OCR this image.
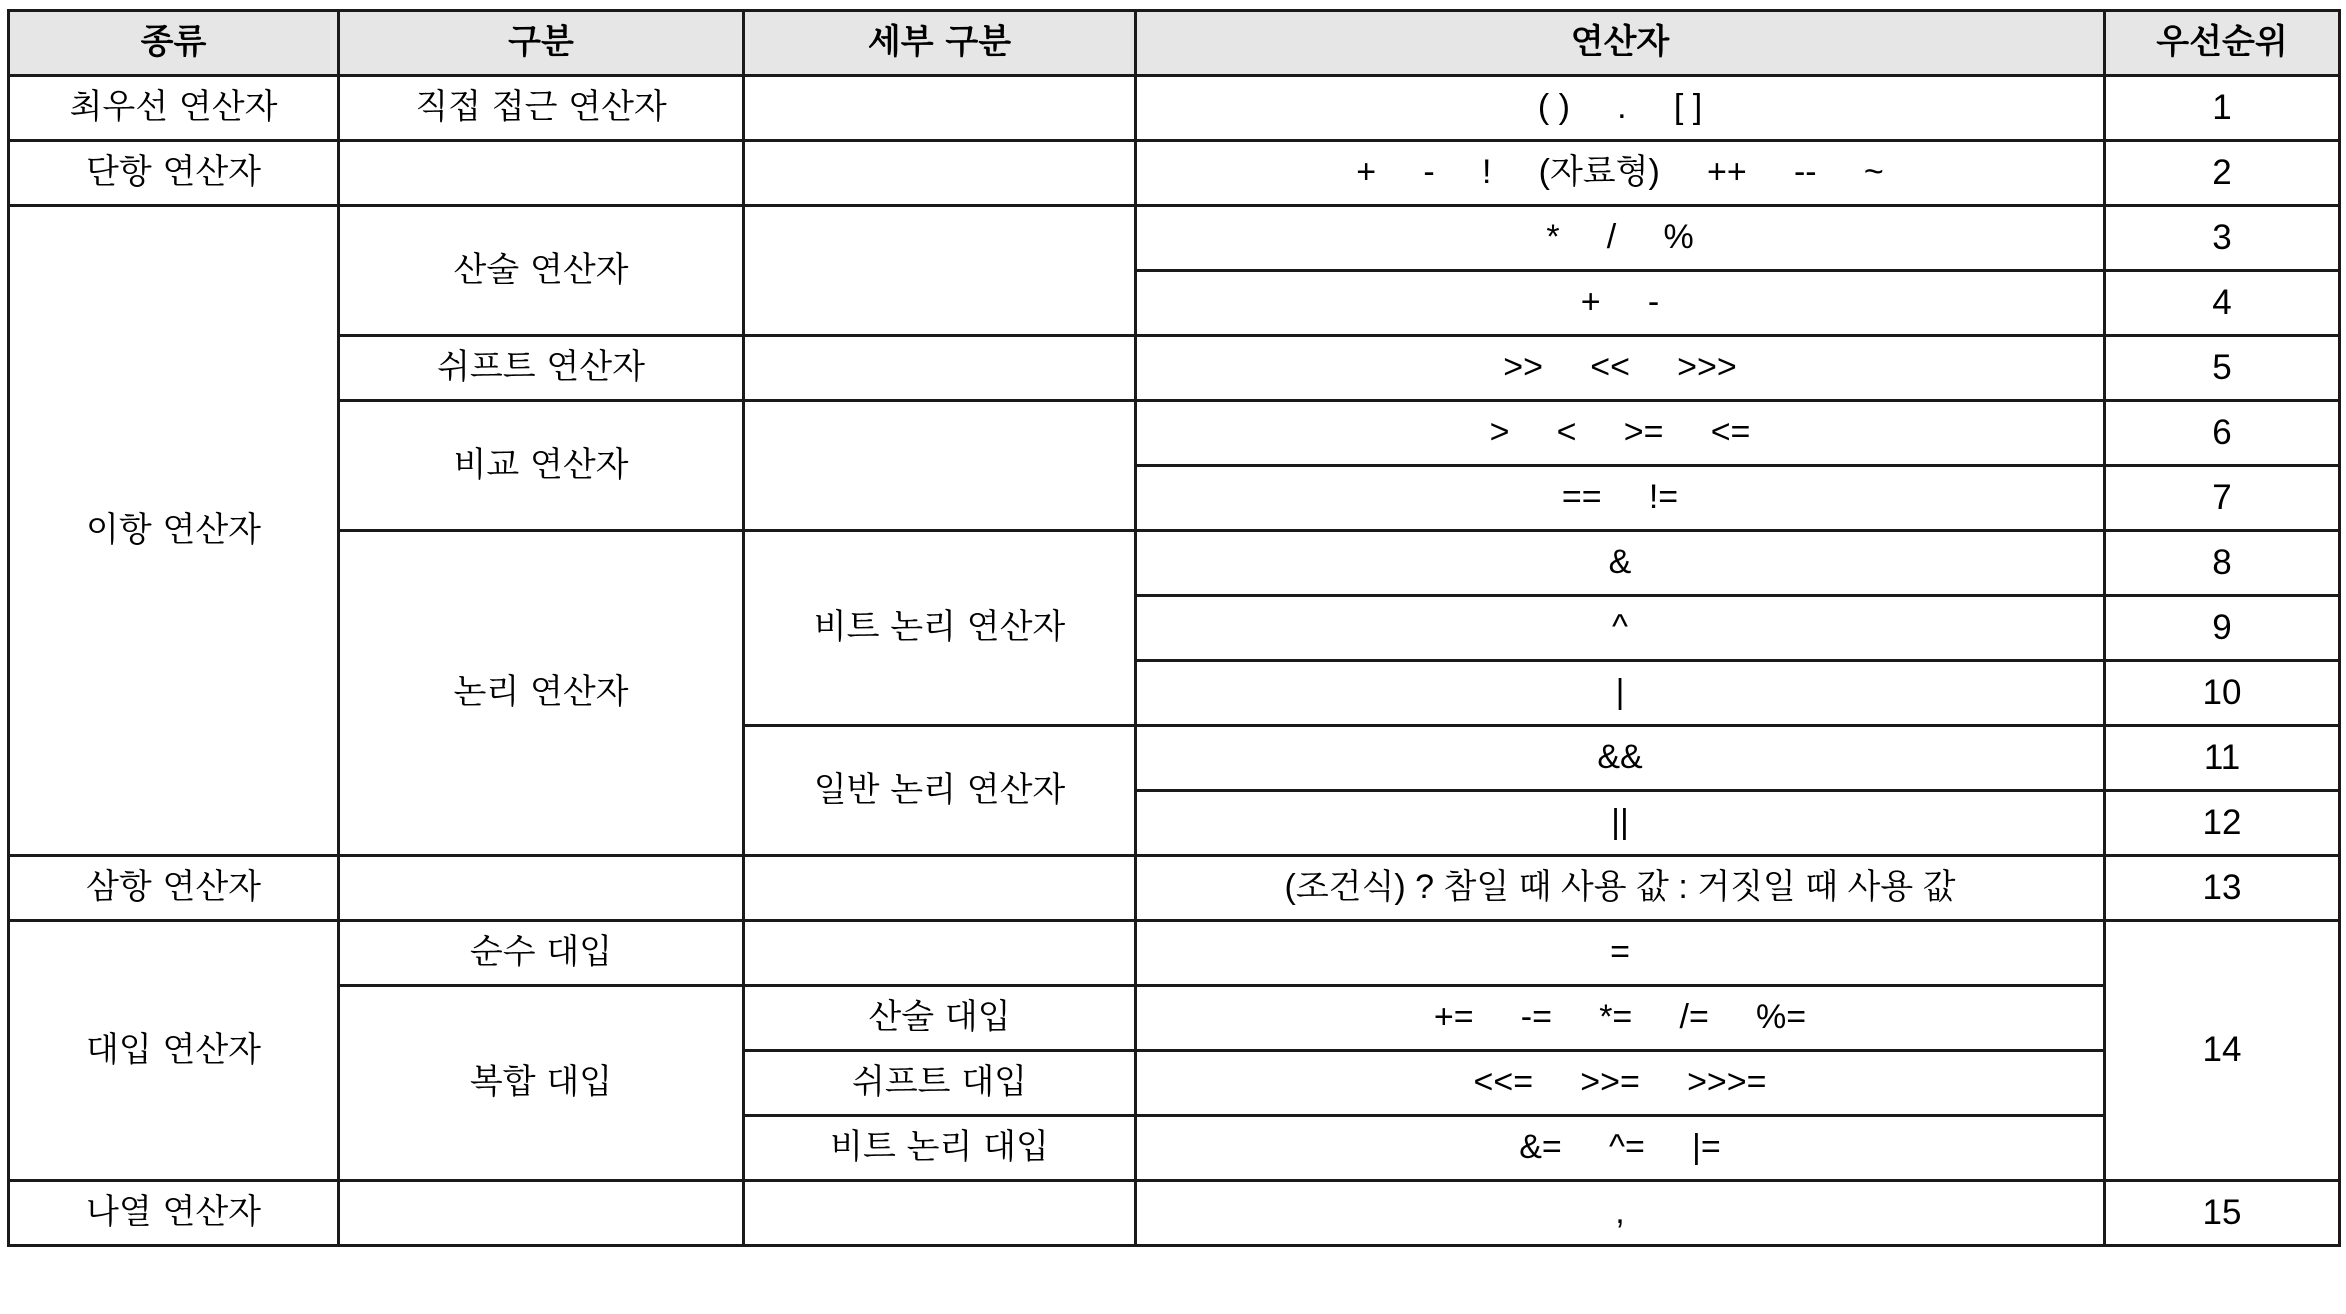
종류	구분	세부 구분	연산자	우선순위
최우선 연산자	직접 접근 연산자		( )     .     [ ]	1
단항 연산자			+     -     !     (자료형)     ++     --     ~	2
이항 연산자	산술 연산자		*     /     %	3
			+     -	4
	쉬프트 연산자		>>     <<     >>>	5
	비교 연산자		>     <     >=     <=	6
			==     !=	7
	논리 연산자	비트 논리 연산자	&	8
			^	9
			|	10
		일반 논리 연산자	&&	11
			||	12
삼항 연산자			(조건식) ? 참일 때 사용 값 : 거짓일 때 사용 값	13
대입 연산자	순수 대입		=	14
	복합 대입	산술 대입	+=     -=     *=     /=     %=	
		쉬프트 대입	<<=     >>=     >>>=	
		비트 논리 대입	&=     ^=     |=	
나열 연산자			,	15
